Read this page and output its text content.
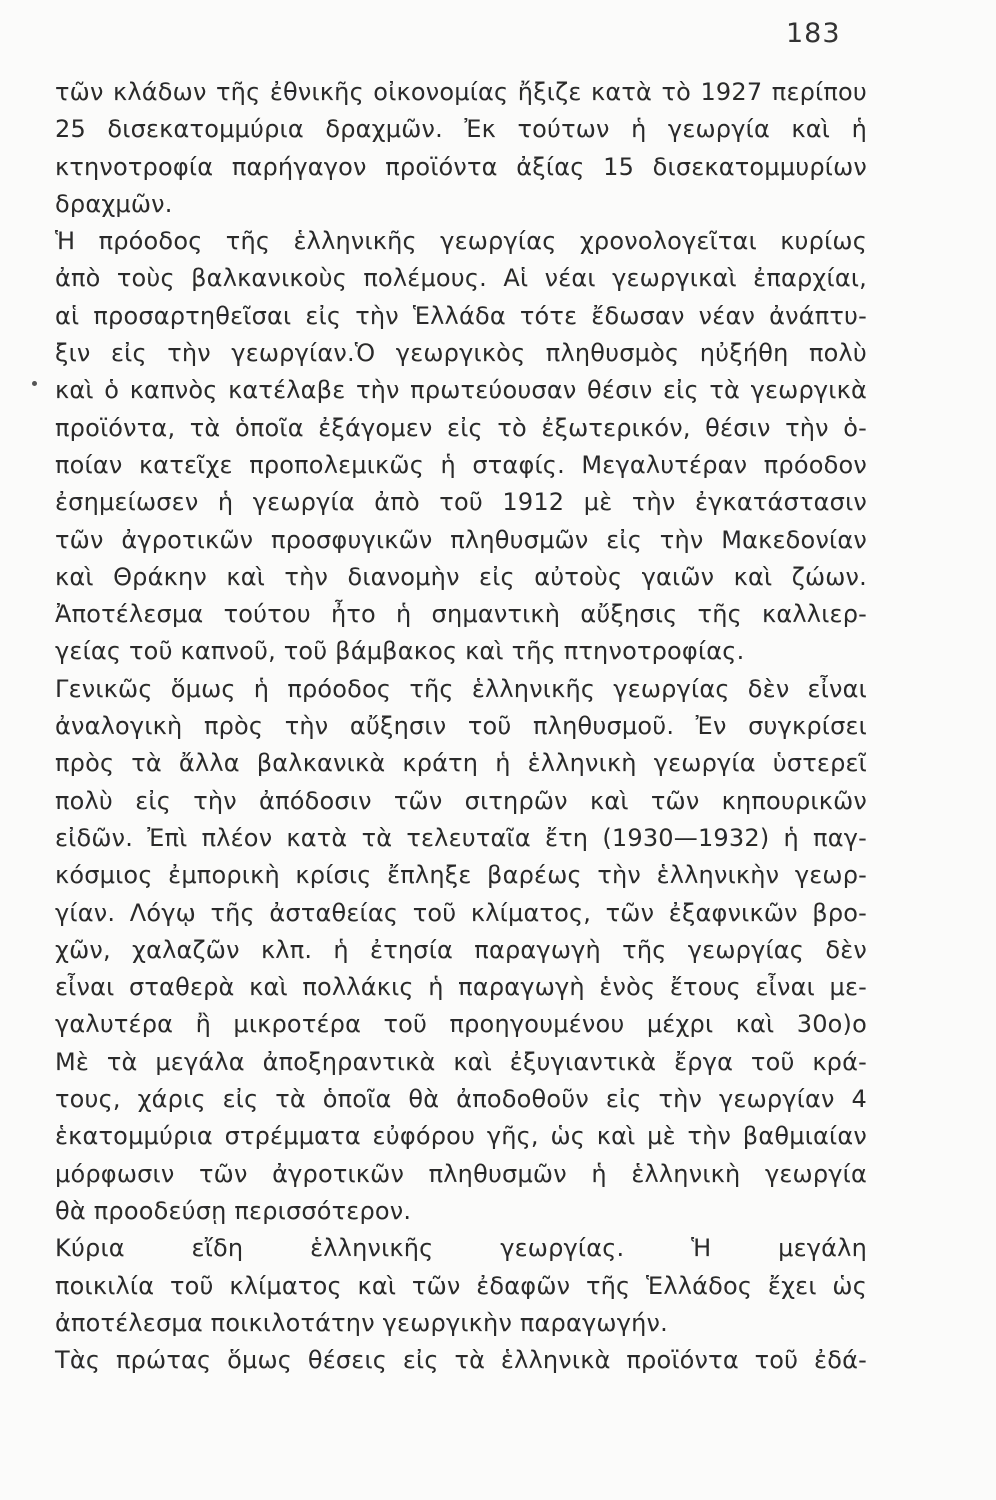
183
τῶν κλάδων τῆς ἐθνικῆς οἰκονομίας ἤξιζε κατὰ τὸ 1927 περίπου
25 δισεκατομμύρια δραχμῶν. Ἐκ τούτων ἡ γεωργία καὶ ἡ
κτηνοτροφία παρήγαγον προϊόντα ἀξίας 15 δισεκατομμυρίων
δραχμῶν.
Ἡ πρόοδος τῆς ἑλληνικῆς γεωργίας χρονολογεῖται κυρίως
ἀπὸ τοὺς βαλκανικοὺς πολέμους. Αἱ νέαι γεωργικαὶ ἐπαρχίαι,
αἱ προσαρτηθεῖσαι εἰς τὴν Ἑλλάδα τότε ἔδωσαν νέαν ἀνάπτυ-
ξιν εἰς τὴν γεωργίαν.Ὁ γεωργικὸς πληθυσμὸς ηὐξήθη πολὺ
καὶ ὁ καπνὸς κατέλαβε τὴν πρωτεύουσαν θέσιν εἰς τὰ γεωργικὰ
προϊόντα, τὰ ὁποῖα ἐξάγομεν εἰς τὸ ἐξωτερικόν, θέσιν τὴν ὁ-
ποίαν κατεῖχε προπολεμικῶς ἡ σταφίς. Μεγαλυτέραν πρόοδον
ἐσημείωσεν ἡ γεωργία ἀπὸ τοῦ 1912 μὲ τὴν ἐγκατάστασιν
τῶν ἀγροτικῶν προσφυγικῶν πληθυσμῶν εἰς τὴν Μακεδονίαν
καὶ Θράκην καὶ τὴν διανομὴν εἰς αὐτοὺς γαιῶν καὶ ζώων.
Ἀποτέλεσμα τούτου ἦτο ἡ σημαντικὴ αὔξησις τῆς καλλιερ-
γείας τοῦ καπνοῦ, τοῦ βάμβακος καὶ τῆς πτηνοτροφίας.
Γενικῶς ὅμως ἡ πρόοδος τῆς ἑλληνικῆς γεωργίας δὲν εἶναι
ἀναλογικὴ πρὸς τὴν αὔξησιν τοῦ πληθυσμοῦ. Ἐν συγκρίσει
πρὸς τὰ ἄλλα βαλκανικὰ κράτη ἡ ἑλληνικὴ γεωργία ὑστερεῖ
πολὺ εἰς τὴν ἀπόδοσιν τῶν σιτηρῶν καὶ τῶν κηπουρικῶν
εἰδῶν. Ἐπὶ πλέον κατὰ τὰ τελευταῖα ἔτη (1930—1932) ἡ παγ-
κόσμιος ἐμπορικὴ κρίσις ἔπληξε βαρέως τὴν ἑλληνικὴν γεωρ-
γίαν. Λόγῳ τῆς ἀσταθείας τοῦ κλίματος, τῶν ἐξαφνικῶν βρο-
χῶν, χαλαζῶν κλπ. ἡ ἐτησία παραγωγὴ τῆς γεωργίας δὲν
εἶναι σταθερὰ καὶ πολλάκις ἡ παραγωγὴ ἑνὸς ἔτους εἶναι με-
γαλυτέρα ἢ μικροτέρα τοῦ προηγουμένου μέχρι καὶ 30ο)ο
Μὲ τὰ μεγάλα ἀποξηραντικὰ καὶ ἐξυγιαντικὰ ἔργα τοῦ κρά-
τους, χάρις εἰς τὰ ὁποῖα θὰ ἀποδοθοῦν εἰς τὴν γεωργίαν 4
ἑκατομμύρια στρέμματα εὐφόρου γῆς, ὡς καὶ μὲ τὴν βαθμιαίαν
μόρφωσιν τῶν ἀγροτικῶν πληθυσμῶν ἡ ἑλληνικὴ γεωργία
θὰ προοδεύσῃ περισσότερον.
Κύρια εἴδη ἑλληνικῆς γεωργίας. Ἡ μεγάλη
ποικιλία τοῦ κλίματος καὶ τῶν ἐδαφῶν τῆς Ἑλλάδος ἔχει ὡς
ἀποτέλεσμα ποικιλοτάτην γεωργικὴν παραγωγήν.
Τὰς πρώτας ὅμως θέσεις εἰς τὰ ἑλληνικὰ προϊόντα τοῦ ἐδά-
